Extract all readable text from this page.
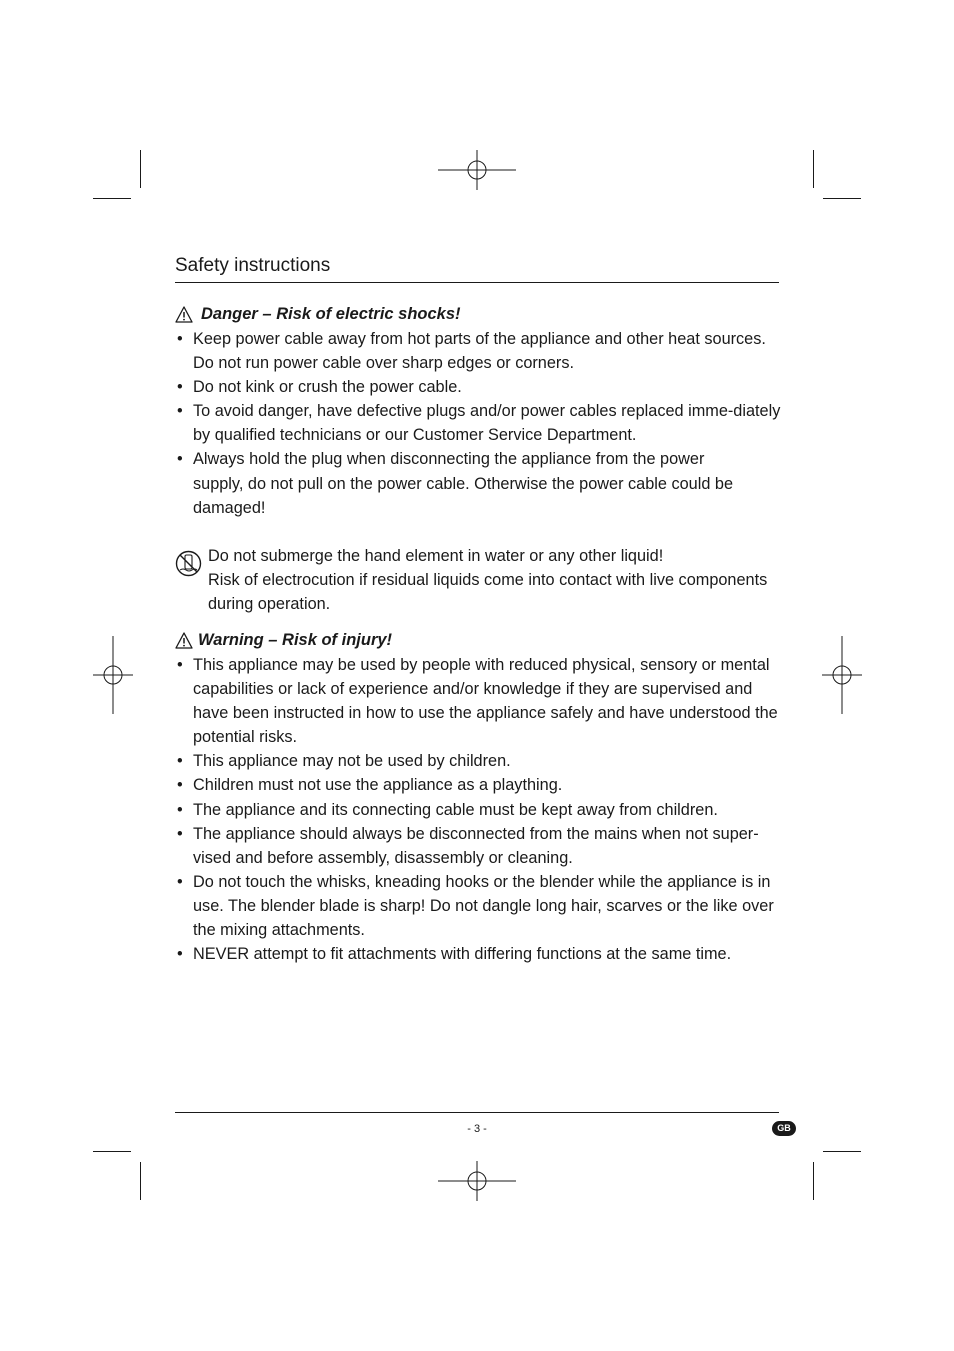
Safety instructions
Danger – Risk of electric shocks!
• Keep power cable away from hot parts of the appliance and other heat sources. Do not run power cable over sharp edges or corners.
• Do not kink or crush the power cable.
• To avoid danger, have defective plugs and/or power cables replaced imme-diately by qualified technicians or our Customer Service Department.
• Always hold the plug when disconnecting the appliance from the power supply, do not pull on the power cable. Otherwise the power cable could be damaged!
Do not submerge the hand element in water or any other liquid!
Risk of electrocution if residual liquids come into contact with live components during operation.
Warning – Risk of injury!
• This appliance may be used by people with reduced physical, sensory or mental capabilities or lack of experience and/or knowledge if they are supervised and have been instructed in how to use the appliance safely and have understood the potential risks.
• This appliance may not be used by children.
• Children must not use the appliance as a plaything.
• The appliance and its connecting cable must be kept away from children.
• The appliance should always be disconnected from the mains when not super-vised and before assembly, disassembly or cleaning.
• Do not touch the whisks, kneading hooks or the blender while the appliance is in use. The blender blade is sharp! Do not dangle long hair, scarves or the like over the mixing attachments.
• NEVER attempt to fit attachments with differing functions at the same time.
- 3 -	GB
